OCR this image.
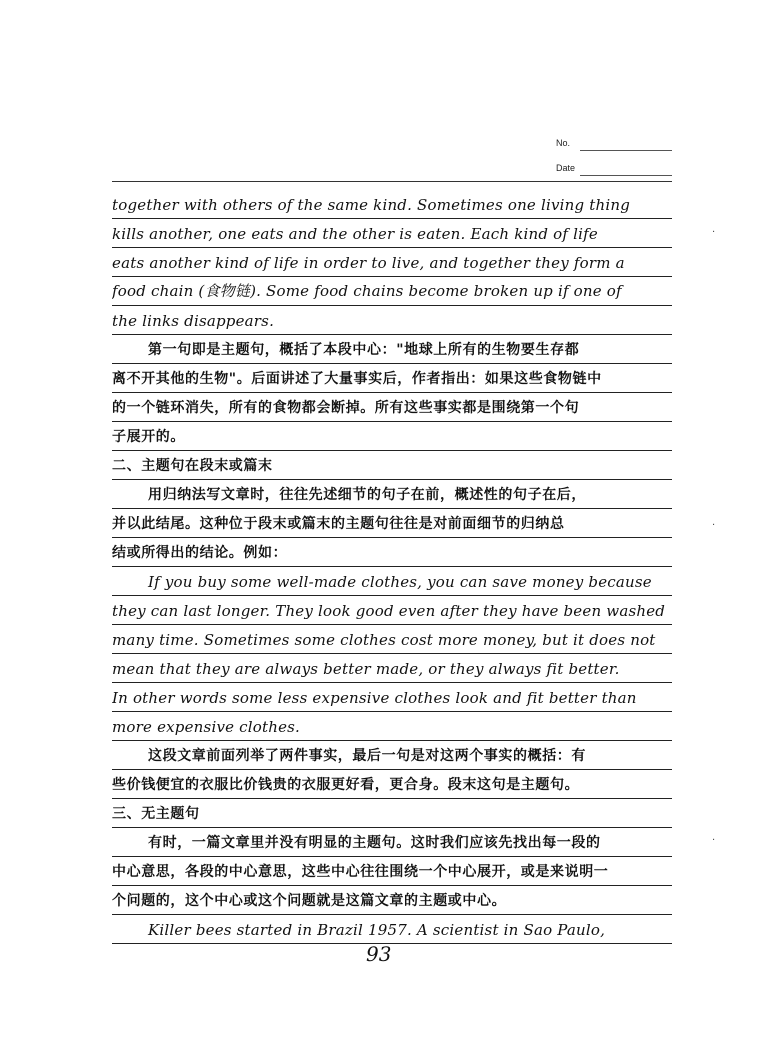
No.
Date
together with others of the same kind. Sometimes one living thing
kills another, one eats and the other is eaten. Each kind of life
eats another kind of life in order to live, and together they form a
food chain (食物链). Some food chains become broken up if one of
the links disappears.
第一句即是主题句，概括了本段中心："地球上所有的生物要生存都
离不开其他的生物"。后面讲述了大量事实后，作者指出：如果这些食物链中
的一个链环消失，所有的食物都会断掉。所有这些事实都是围绕第一个句
子展开的。
二、主题句在段末或篇末
用归纳法写文章时，往往先述细节的句子在前，概述性的句子在后，
并以此结尾。这种位于段末或篇末的主题句往往是对前面细节的归纳总
结或所得出的结论。例如：
If you buy some well-made clothes, you can save money because
they can last longer. They look good even after they have been washed
many time. Sometimes some clothes cost more money, but it does not
mean that they are always better made, or they always fit better.
In other words some less expensive clothes look and fit better than
more expensive clothes.
这段文章前面列举了两件事实，最后一句是对这两个事实的概括：有
些价钱便宜的衣服比价钱贵的衣服更好看，更合身。段末这句是主题句。
三、无主题句
有时，一篇文章里并没有明显的主题句。这时我们应该先找出每一段的
中心意思，各段的中心意思，这些中心往往围绕一个中心展开，或是来说明一
个问题的，这个中心或这个问题就是这篇文章的主题或中心。
Killer bees started in Brazil 1957. A scientist in Sao Paulo,
93
·
·
·
